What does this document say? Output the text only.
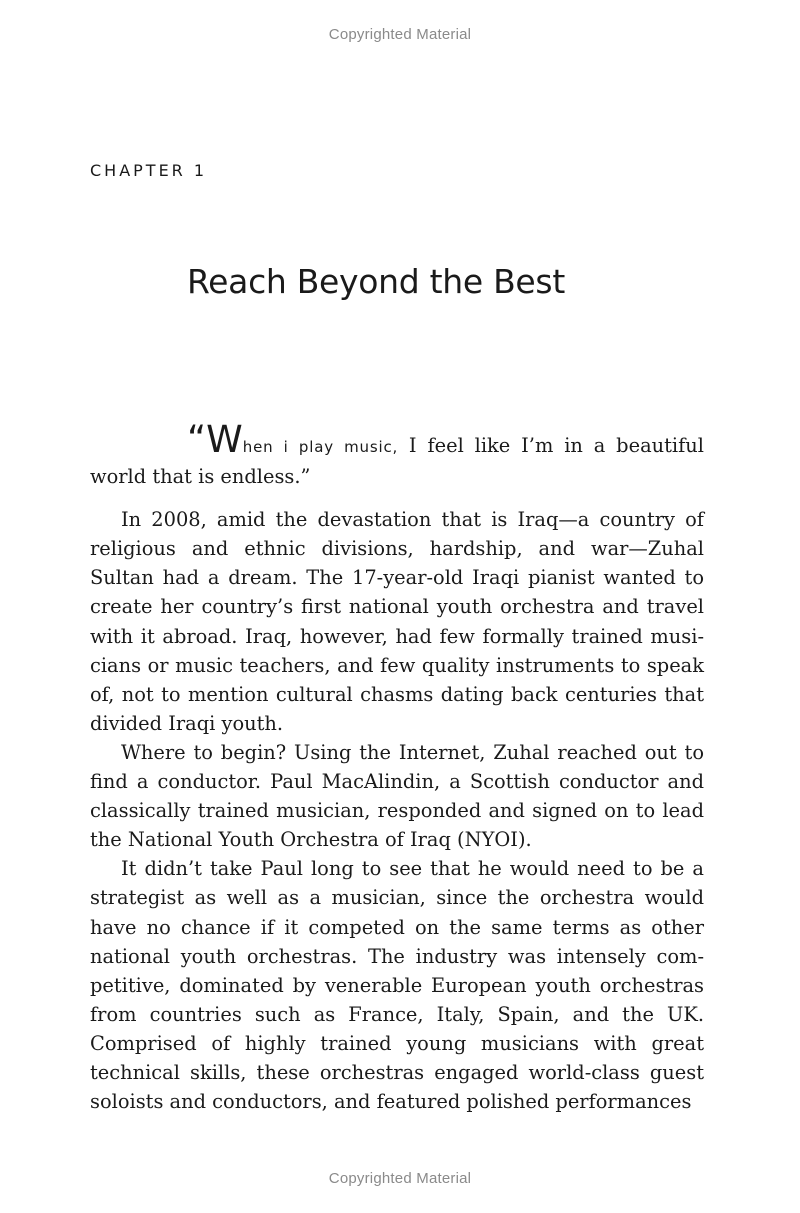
Copyrighted Material
CHAPTER 1
Reach Beyond the Best

“When i play music, I feel like I’m in a beautiful world that is endless.”

In 2008, amid the devastation that is Iraq—a country of religious and ethnic divisions, hardship, and war—Zuhal Sultan had a dream. The 17-year-old Iraqi pianist wanted to create her country’s first national youth orchestra and travel with it abroad. Iraq, however, had few formally trained musicians or music teachers, and few quality instruments to speak of, not to mention cultural chasms dating back centuries that divided Iraqi youth.

Where to begin? Using the Internet, Zuhal reached out to find a conductor. Paul MacAlindin, a Scottish conductor and classically trained musician, responded and signed on to lead the National Youth Orchestra of Iraq (NYOI).

It didn’t take Paul long to see that he would need to be a strategist as well as a musician, since the orchestra would have no chance if it competed on the same terms as other national youth orchestras. The industry was intensely competitive, dominated by venerable European youth orchestras from countries such as France, Italy, Spain, and the UK. Comprised of highly trained young musicians with great technical skills, these orchestras engaged world-class guest soloists and conductors, and featured polished performances

Copyrighted Material
